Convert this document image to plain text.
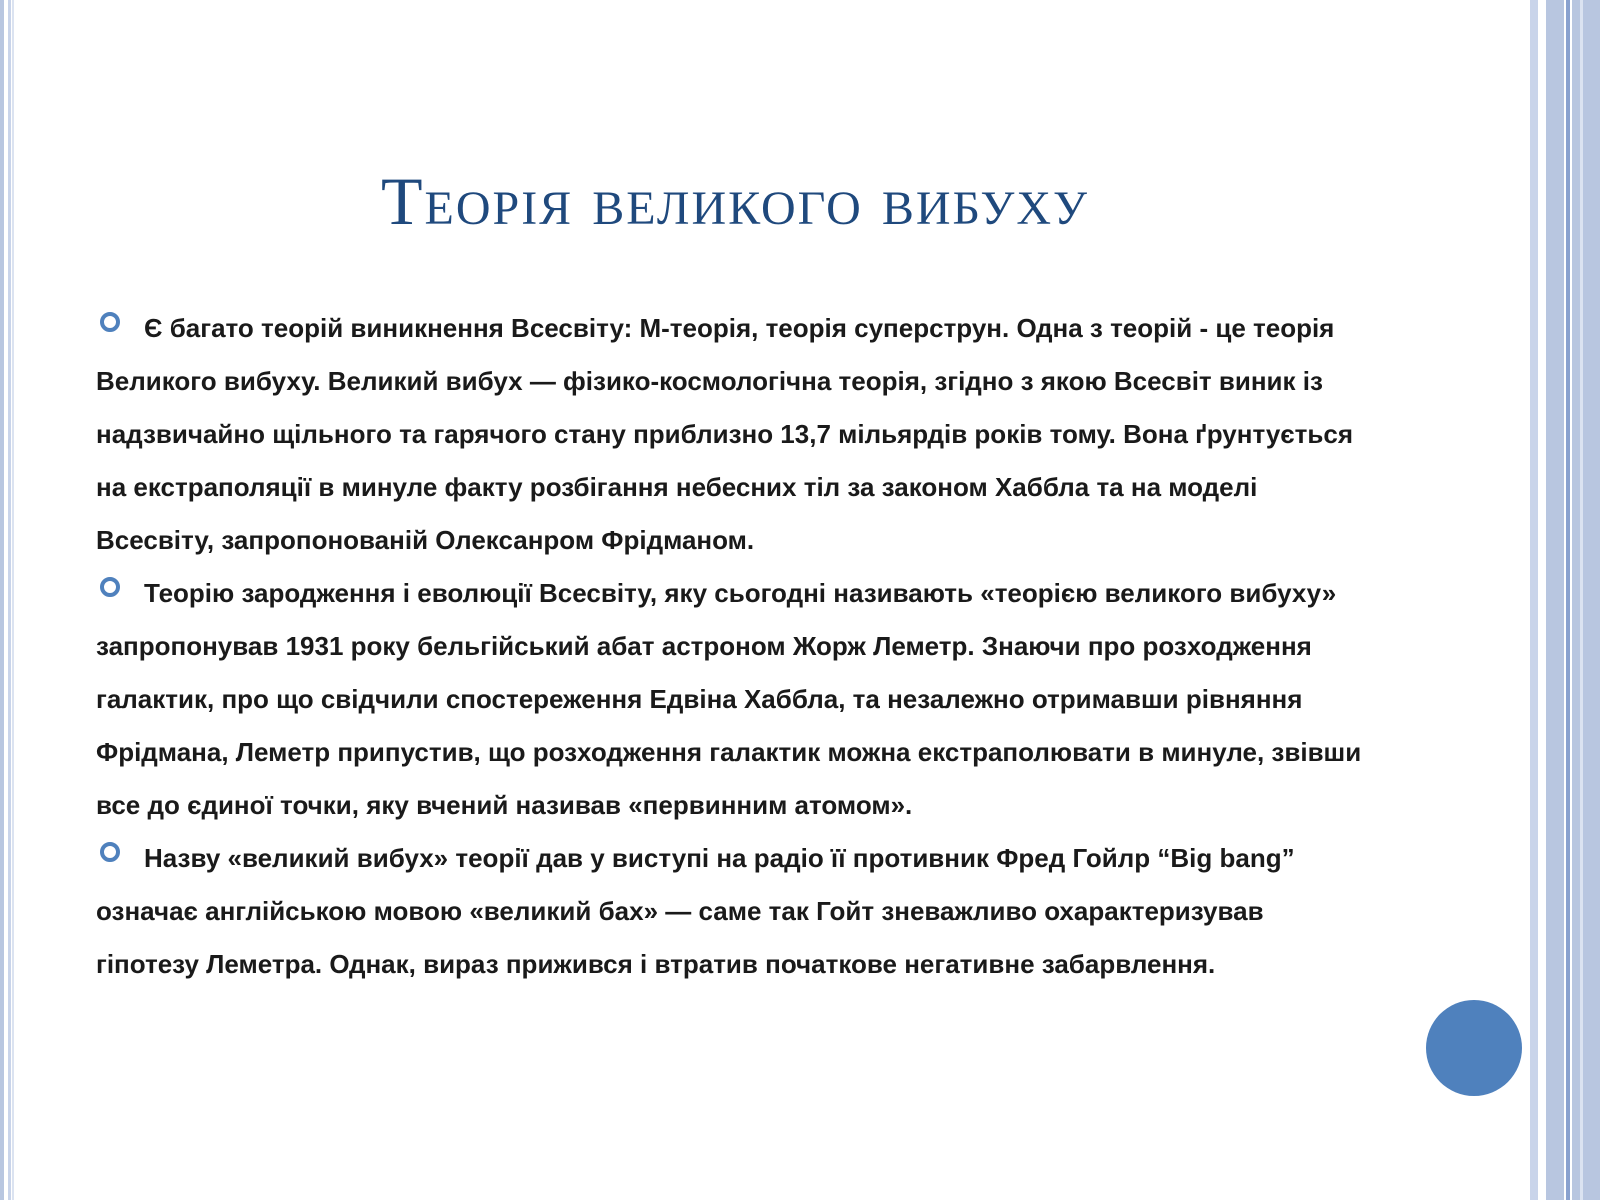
Теорія великого вибуху

Є багато теорій виникнення Всесвіту: М-теорія, теорія суперструн. Одна з теорій - це теорія Великого вибуху. Великий вибух — фізико-космологічна теорія, згідно з якою Всесвіт виник із надзвичайно щільного та гарячого стану приблизно 13,7 мільярдів років тому. Вона ґрунтується на екстраполяції в минуле факту розбігання небесних тіл за законом Хаббла та на моделі Всесвіту, запропонованій Олексанром Фрідманом.

Теорію зародження і еволюції Всесвіту, яку сьогодні називають «теорією великого вибуху» запропонував 1931 року бельгійський абат астроном Жорж Леметр. Знаючи про розходження галактик, про що свідчили спостереження Едвіна Хаббла, та незалежно отримавши рівняння Фрідмана, Леметр припустив, що розходження галактик можна екстраполювати в минуле, звівши все до єдиної точки, яку вчений називав «первинним атомом».

Назву «великий вибух» теорії дав у виступі на радіо її противник Фред Гойлр “Big bang” означає англійською мовою «великий бах» — саме так Гойт зневажливо охарактеризував гіпотезу Леметра. Однак, вираз прижився і втратив початкове негативне забарвлення.
